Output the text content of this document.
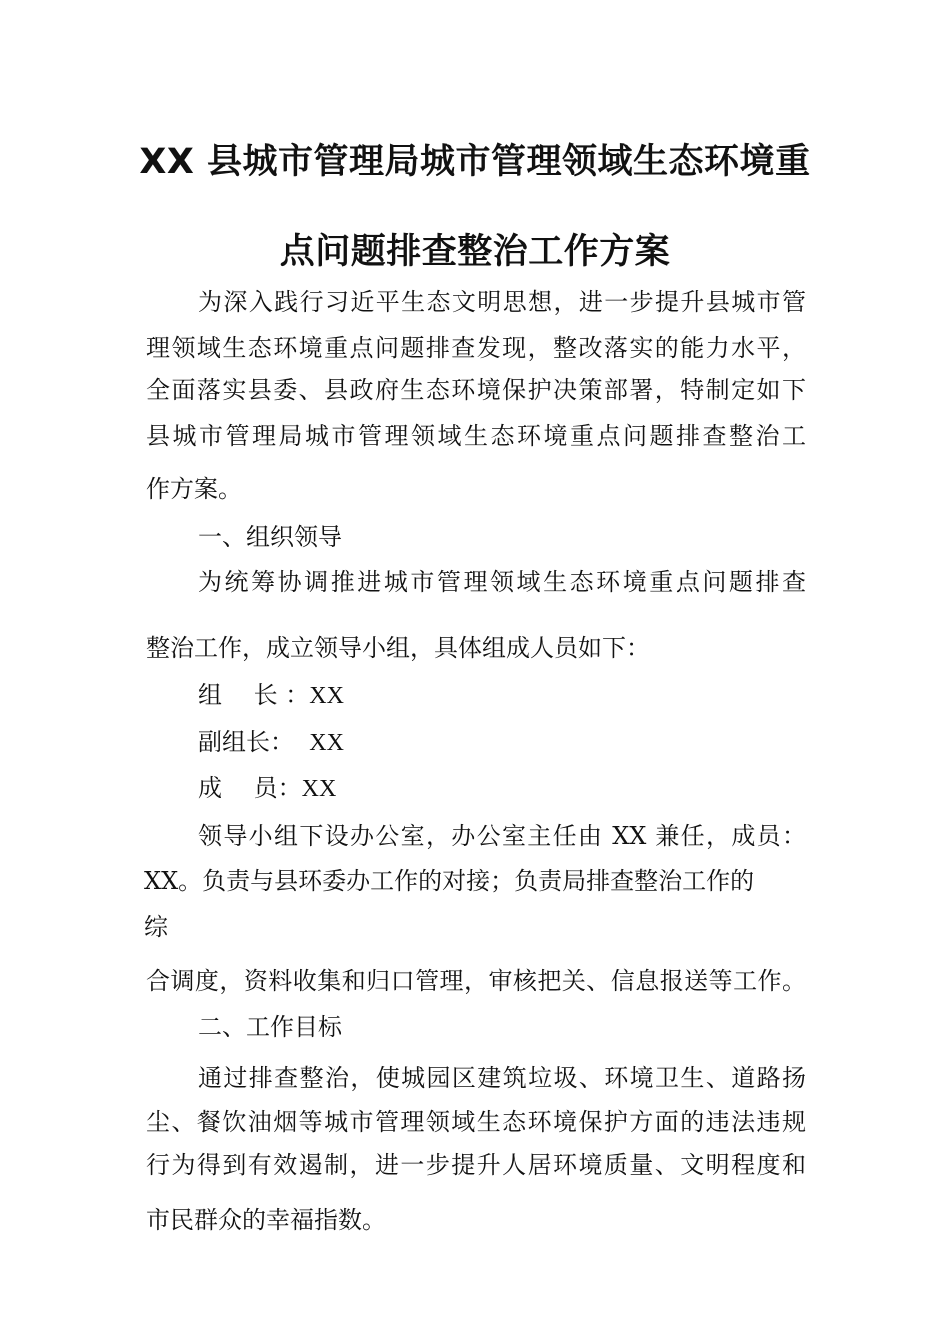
XX 县城市管理局城市管理领域生态环境重
点问题排查整治工作方案
为深入践行习近平生态文明思想，进一步提升县城市管
理领域生态环境重点问题排查发现，整改落实的能力水平，
全面落实县委、县政府生态环境保护决策部署，特制定如下
县城市管理局城市管理领域生态环境重点问题排查整治工
作方案。
一、组织领导
为统筹协调推进城市管理领域生态环境重点问题排查
整治工作，成立领导小组，具体组成人员如下：
组　 长 ：XX
副组长： XX
成　 员：XX
领导小组下设办公室，办公室主任由 XX 兼任，成员：
XX。负责与县环委办工作的对接；负责局排查整治工作的
综
合调度，资料收集和归口管理，审核把关、信息报送等工作。
二、工作目标
通过排查整治，使城园区建筑垃圾、环境卫生、道路扬
尘、餐饮油烟等城市管理领域生态环境保护方面的违法违规
行为得到有效遏制，进一步提升人居环境质量、文明程度和
市民群众的幸福指数。
